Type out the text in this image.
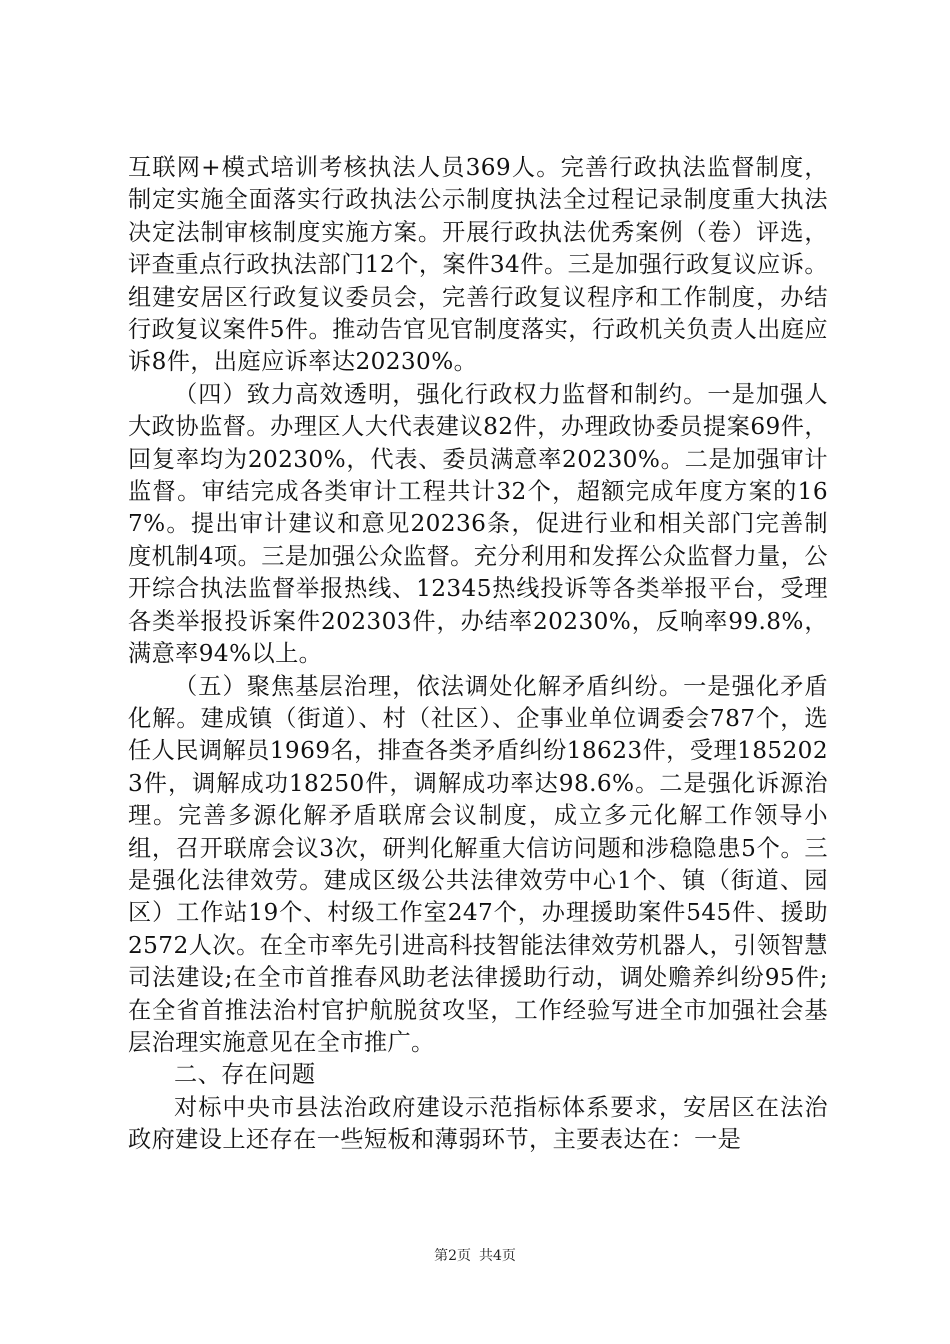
互联网+模式培训考核执法人员369人。完善行政执法监督制度，制定实施全面落实行政执法公示制度执法全过程记录制度重大执法决定法制审核制度实施方案。开展行政执法优秀案例（卷）评选，评查重点行政执法部门12个，案件34件。三是加强行政复议应诉。组建安居区行政复议委员会，完善行政复议程序和工作制度，办结行政复议案件5件。推动告官见官制度落实，行政机关负责人出庭应诉8件，出庭应诉率达20230%。

（四）致力高效透明，强化行政权力监督和制约。一是加强人大政协监督。办理区人大代表建议82件，办理政协委员提案69件，回复率均为20230%，代表、委员满意率20230%。二是加强审计监督。审结完成各类审计工程共计32个，超额完成年度方案的167%。提出审计建议和意见20236条，促进行业和相关部门完善制度机制4项。三是加强公众监督。充分利用和发挥公众监督力量，公开综合执法监督举报热线、12345热线投诉等各类举报平台，受理各类举报投诉案件202303件，办结率20230%，反响率99.8%，满意率94%以上。

（五）聚焦基层治理，依法调处化解矛盾纠纷。一是强化矛盾化解。建成镇（街道）、村（社区）、企事业单位调委会787个，选任人民调解员1969名，排查各类矛盾纠纷18623件，受理1852023件，调解成功18250件，调解成功率达98.6%。二是强化诉源治理。完善多源化解矛盾联席会议制度，成立多元化解工作领导小组，召开联席会议3次，研判化解重大信访问题和涉稳隐患5个。三是强化法律效劳。建成区级公共法律效劳中心1个、镇（街道、园区）工作站19个、村级工作室247个，办理援助案件545件、援助2572人次。在全市率先引进高科技智能法律效劳机器人，引领智慧司法建设;在全市首推春风助老法律援助行动，调处赡养纠纷95件;在全省首推法治村官护航脱贫攻坚，工作经验写进全市加强社会基层治理实施意见在全市推广。

二、存在问题

对标中央市县法治政府建设示范指标体系要求，安居区在法治政府建设上还存在一些短板和薄弱环节，主要表达在：一是

第2页 共4页
